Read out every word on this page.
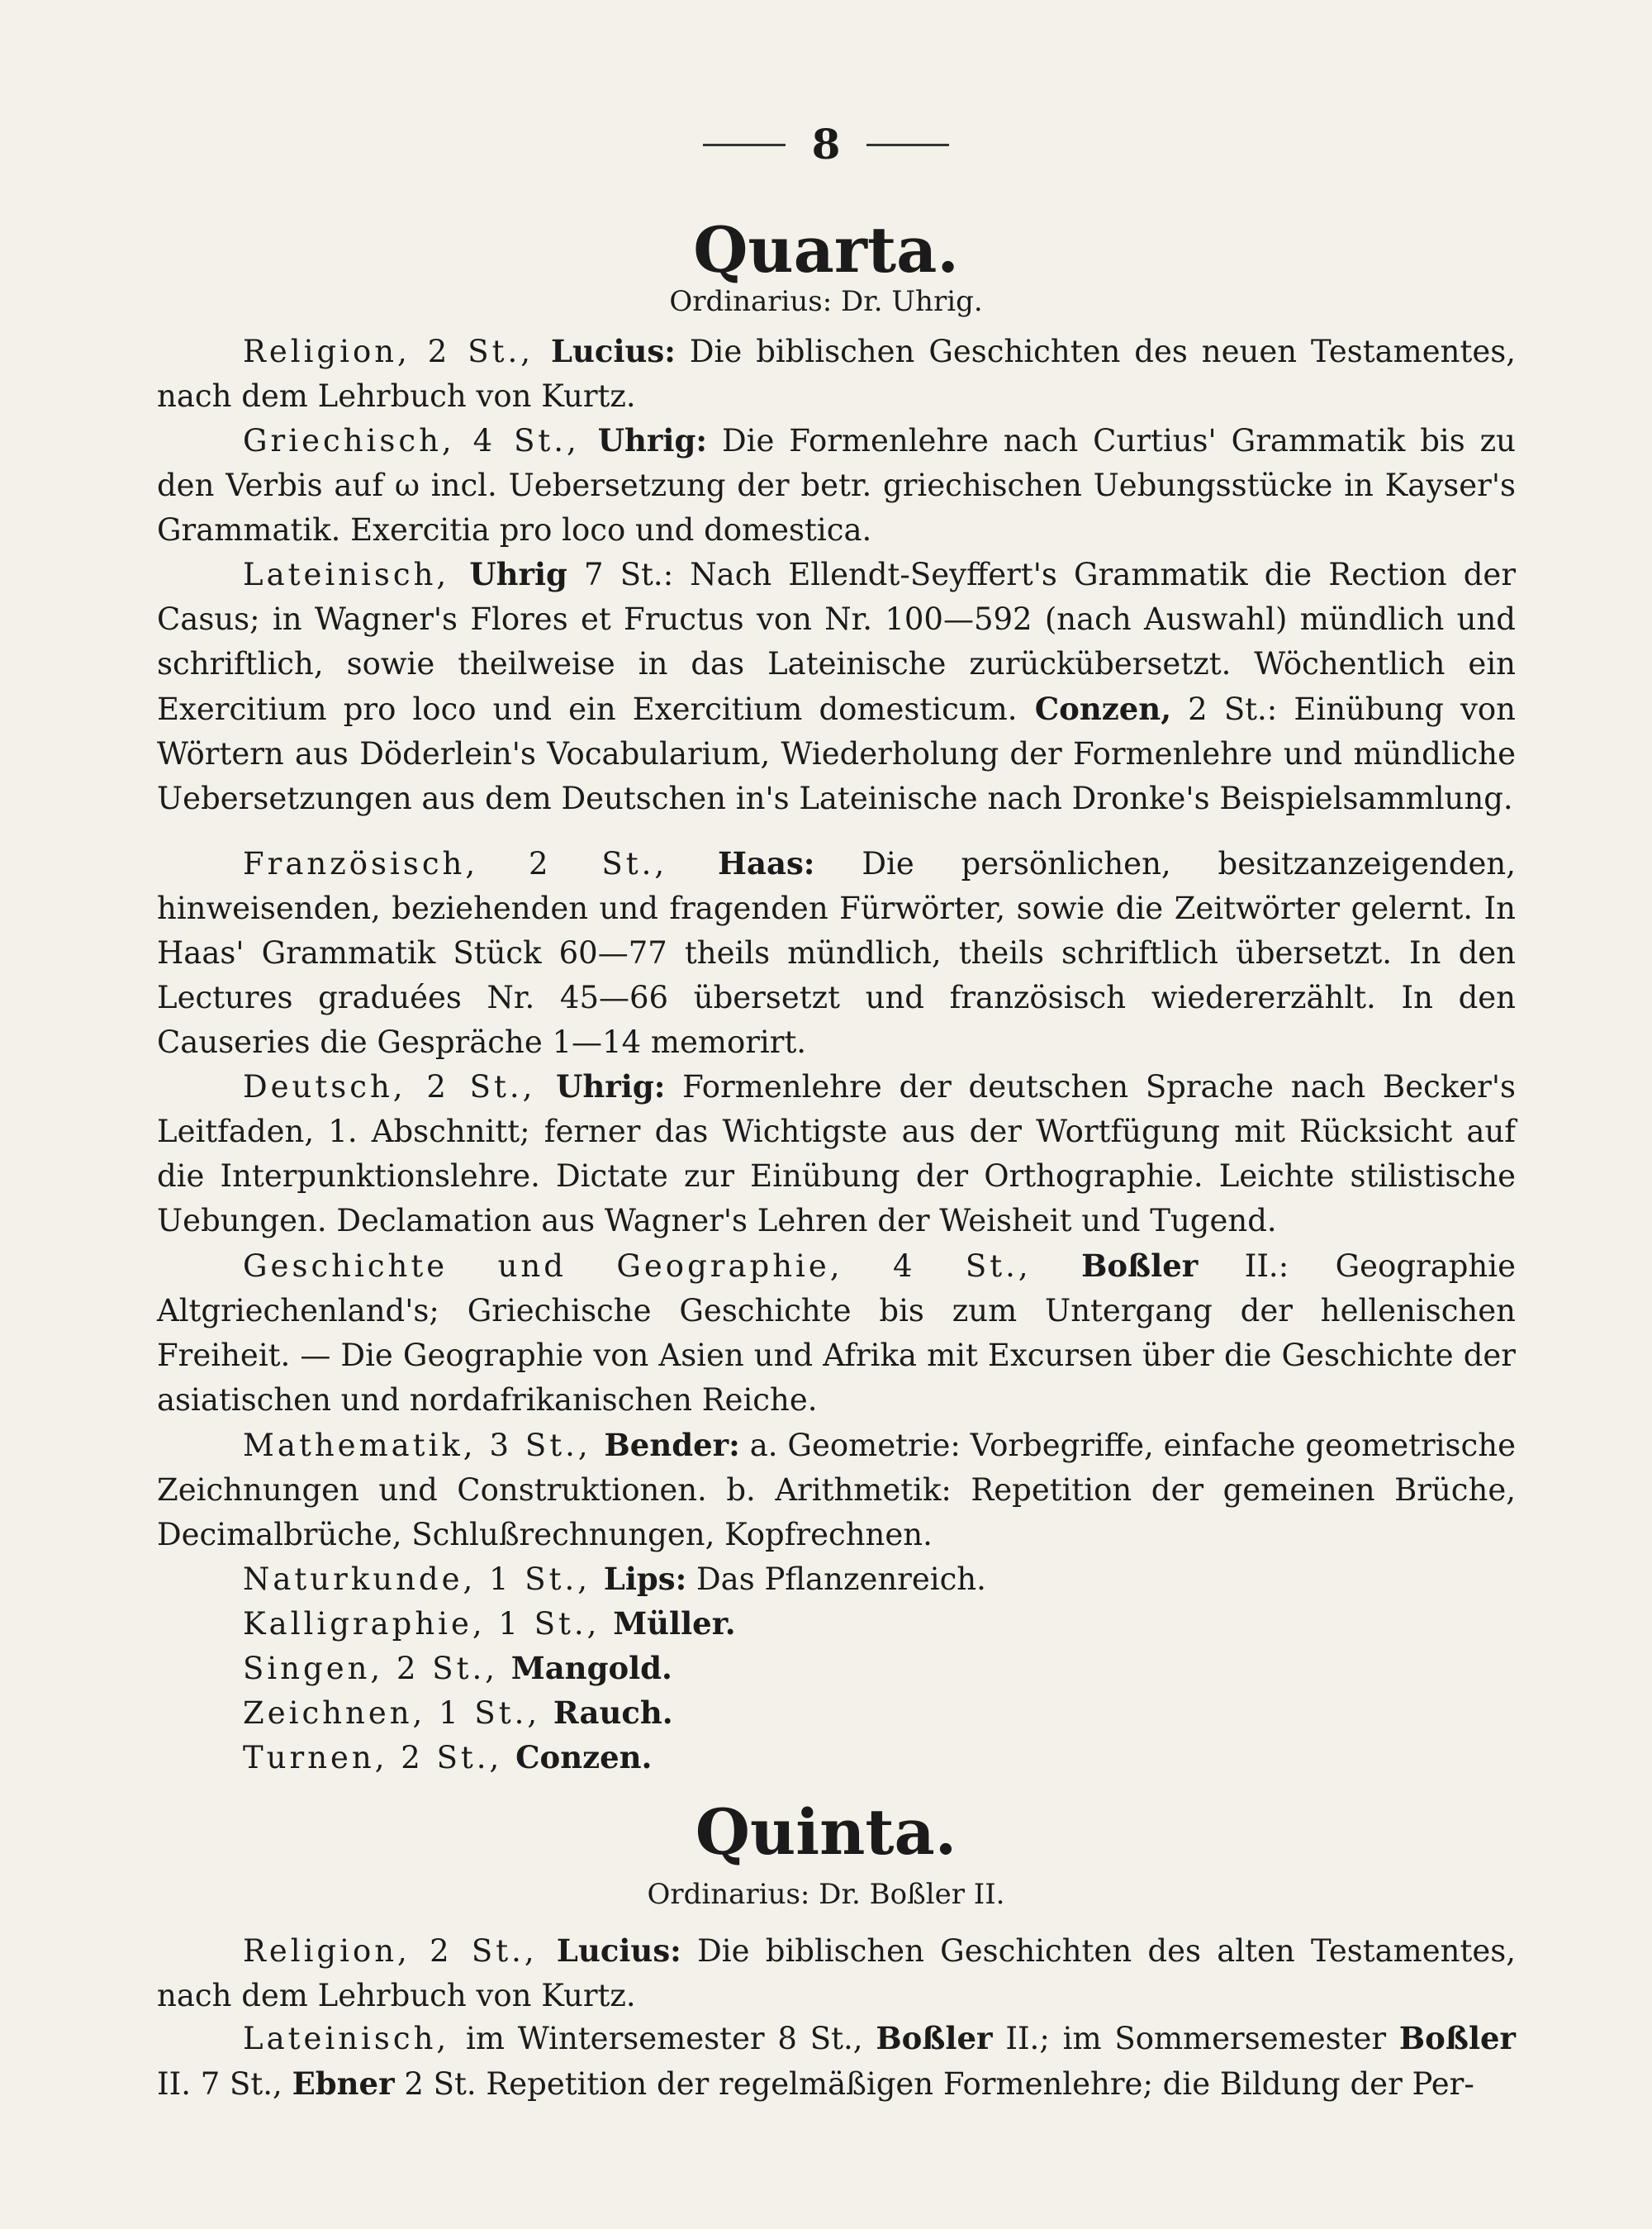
8
Quarta.
Ordinarius: Dr. Uhrig.

Religion, 2 St., Lucius: Die biblischen Geschichten des neuen Testamentes, nach dem Lehrbuch von Kurtz.

Griechisch, 4 St., Uhrig: Die Formenlehre nach Curtius' Grammatik bis zu den Verbis auf ω incl. Uebersetzung der betr. griechischen Uebungsstücke in Kayser's Grammatik. Exercitia pro loco und domestica.

Lateinisch, Uhrig 7 St.: Nach Ellendt-Seyffert's Grammatik die Rection der Casus; in Wagner's Flores et Fructus von Nr. 100—592 (nach Auswahl) mündlich und schriftlich, sowie theilweise in das Lateinische zurückübersetzt. Wöchentlich ein Exercitium pro loco und ein Exercitium domesticum. Conzen, 2 St.: Einübung von Wörtern aus Döderlein's Vocabularium, Wiederholung der Formenlehre und mündliche Uebersetzungen aus dem Deutschen in's Lateinische nach Dronke's Beispielsammlung.

Französisch, 2 St., Haas: Die persönlichen, besitzanzeigenden, hinweisenden, beziehenden und fragenden Fürwörter, sowie die Zeitwörter gelernt. In Haas' Grammatik Stück 60—77 theils mündlich, theils schriftlich übersetzt. In den Lectures graduées Nr. 45—66 übersetzt und französisch wiedererzählt. In den Causeries die Gespräche 1—14 memorirt.

Deutsch, 2 St., Uhrig: Formenlehre der deutschen Sprache nach Becker's Leitfaden, 1. Abschnitt; ferner das Wichtigste aus der Wortfügung mit Rücksicht auf die Interpunktionslehre. Dictate zur Einübung der Orthographie. Leichte stilistische Uebungen. Declamation aus Wagner's Lehren der Weisheit und Tugend.

Geschichte und Geographie, 4 St., Boßler II.: Geographie Altgriechenland's; Griechische Geschichte bis zum Untergang der hellenischen Freiheit. — Die Geographie von Asien und Afrika mit Excursen über die Geschichte der asiatischen und nordafrikanischen Reiche.

Mathematik, 3 St., Bender: a. Geometrie: Vorbegriffe, einfache geometrische Zeichnungen und Construktionen. b. Arithmetik: Repetition der gemeinen Brüche, Decimalbrüche, Schlußrechnungen, Kopfrechnen.

Naturkunde, 1 St., Lips: Das Pflanzenreich.

Kalligraphie, 1 St., Müller.

Singen, 2 St., Mangold.

Zeichnen, 1 St., Rauch.

Turnen, 2 St., Conzen.

Quinta.
Ordinarius: Dr. Boßler II.

Religion, 2 St., Lucius: Die biblischen Geschichten des alten Testamentes, nach dem Lehrbuch von Kurtz.

Lateinisch, im Wintersemester 8 St., Boßler II.; im Sommersemester Boßler II. 7 St., Ebner 2 St. Repetition der regelmäßigen Formenlehre; die Bildung der Per-
